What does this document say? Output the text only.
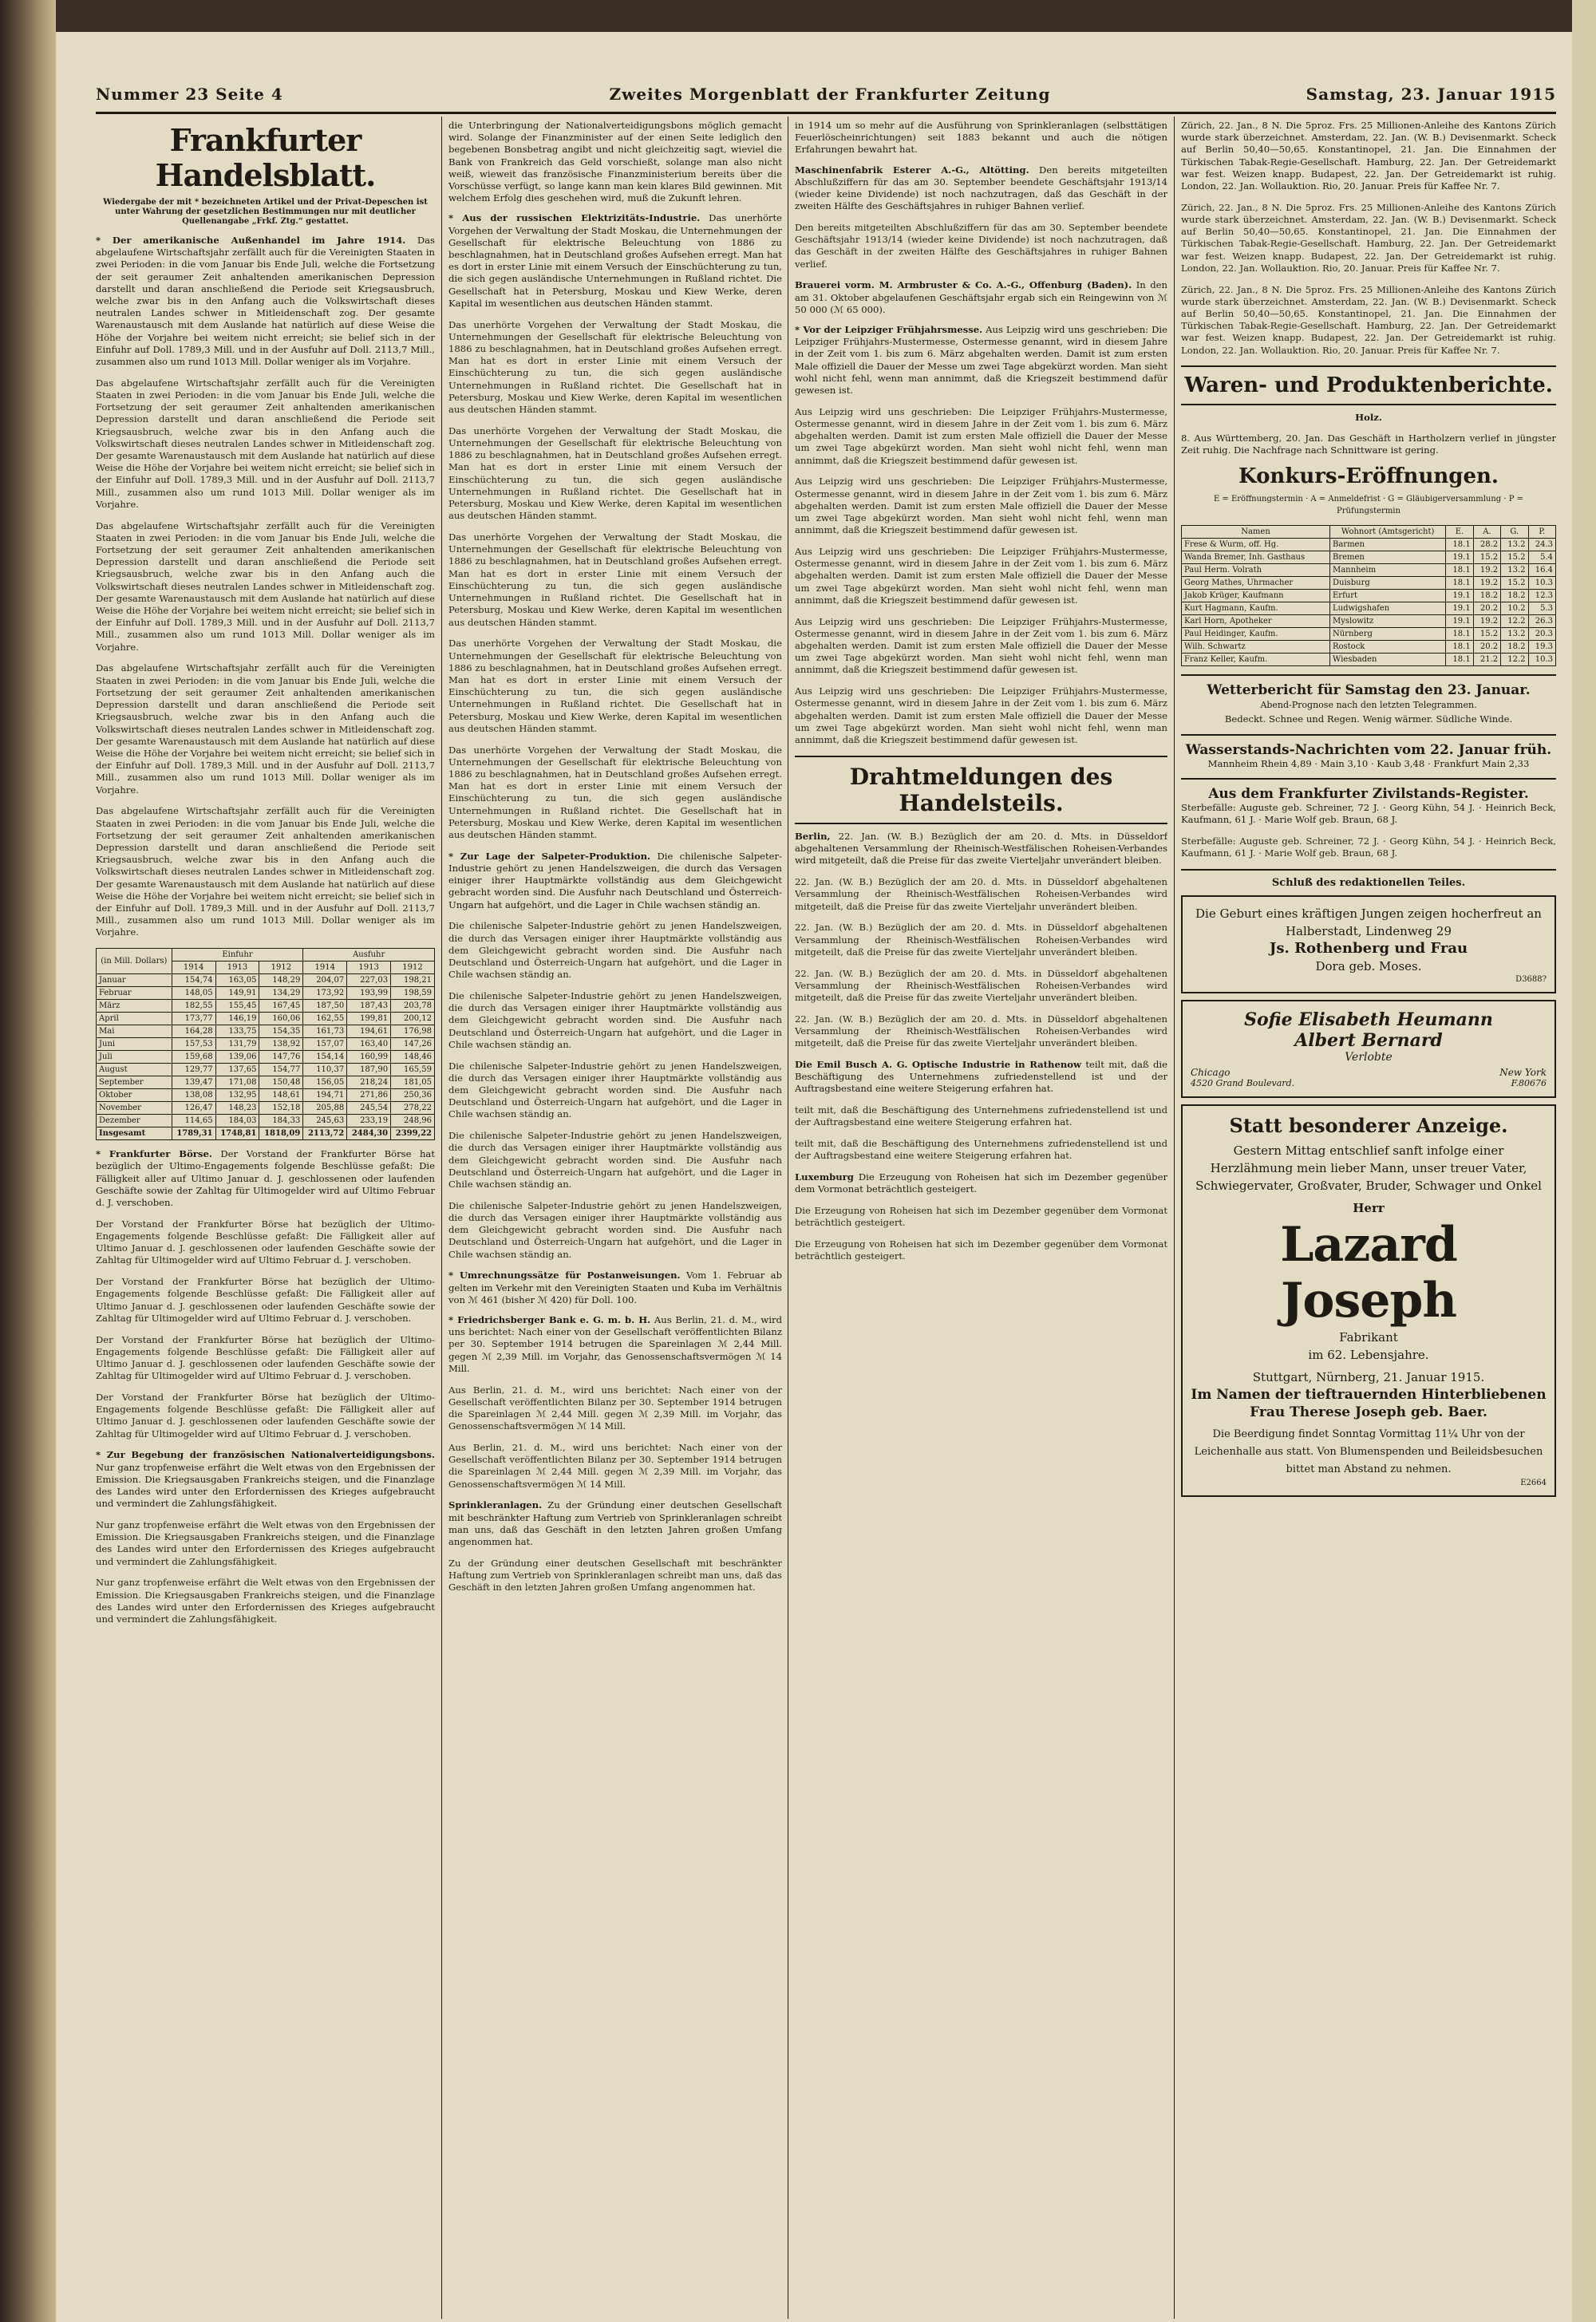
Nummer 23 Seite 4	Zweites Morgenblatt der Frankfurter Zeitung	Samstag, 23. Januar 1915
Frankfurter Handelsblatt.
Wiedergabe der mit * bezeichneten Artikel und der Privat-Depeschen ist unter Wahrung der gesetzlichen Bestimmungen nur mit deutlicher Quellenangabe „Frkf. Ztg.“ gestattet.

* Der amerikanische Außenhandel im Jahre 1914. Das abgelaufene Wirtschaftsjahr zerfällt auch für die Vereinigten Staaten in zwei Perioden: in die vom Januar bis Ende Juli, welche die Fortsetzung der seit geraumer Zeit anhaltenden amerikanischen Depression darstellt und daran anschließend die Periode seit Kriegsausbruch, welche zwar bis in den Anfang auch die Volkswirtschaft dieses neutralen Landes schwer in Mitleidenschaft zog. Der gesamte Warenaustausch mit dem Auslande hat natürlich auf diese Weise die Höhe der Vorjahre bei weitem nicht erreicht; sie belief sich in der Einfuhr auf Doll. 1789,3 Mill. und in der Ausfuhr auf Doll. 2113,7 Mill., zusammen also um rund 1013 Mill. Dollar weniger als im Vorjahre.

Das abgelaufene Wirtschaftsjahr zerfällt auch für die Vereinigten Staaten in zwei Perioden: in die vom Januar bis Ende Juli, welche die Fortsetzung der seit geraumer Zeit anhaltenden amerikanischen Depression darstellt und daran anschließend die Periode seit Kriegsausbruch, welche zwar bis in den Anfang auch die Volkswirtschaft dieses neutralen Landes schwer in Mitleidenschaft zog. Der gesamte Warenaustausch mit dem Auslande hat natürlich auf diese Weise die Höhe der Vorjahre bei weitem nicht erreicht; sie belief sich in der Einfuhr auf Doll. 1789,3 Mill. und in der Ausfuhr auf Doll. 2113,7 Mill., zusammen also um rund 1013 Mill. Dollar weniger als im Vorjahre.

Das abgelaufene Wirtschaftsjahr zerfällt auch für die Vereinigten Staaten in zwei Perioden: in die vom Januar bis Ende Juli, welche die Fortsetzung der seit geraumer Zeit anhaltenden amerikanischen Depression darstellt und daran anschließend die Periode seit Kriegsausbruch, welche zwar bis in den Anfang auch die Volkswirtschaft dieses neutralen Landes schwer in Mitleidenschaft zog. Der gesamte Warenaustausch mit dem Auslande hat natürlich auf diese Weise die Höhe der Vorjahre bei weitem nicht erreicht; sie belief sich in der Einfuhr auf Doll. 1789,3 Mill. und in der Ausfuhr auf Doll. 2113,7 Mill., zusammen also um rund 1013 Mill. Dollar weniger als im Vorjahre.

Das abgelaufene Wirtschaftsjahr zerfällt auch für die Vereinigten Staaten in zwei Perioden: in die vom Januar bis Ende Juli, welche die Fortsetzung der seit geraumer Zeit anhaltenden amerikanischen Depression darstellt und daran anschließend die Periode seit Kriegsausbruch, welche zwar bis in den Anfang auch die Volkswirtschaft dieses neutralen Landes schwer in Mitleidenschaft zog. Der gesamte Warenaustausch mit dem Auslande hat natürlich auf diese Weise die Höhe der Vorjahre bei weitem nicht erreicht; sie belief sich in der Einfuhr auf Doll. 1789,3 Mill. und in der Ausfuhr auf Doll. 2113,7 Mill., zusammen also um rund 1013 Mill. Dollar weniger als im Vorjahre.

Das abgelaufene Wirtschaftsjahr zerfällt auch für die Vereinigten Staaten in zwei Perioden: in die vom Januar bis Ende Juli, welche die Fortsetzung der seit geraumer Zeit anhaltenden amerikanischen Depression darstellt und daran anschließend die Periode seit Kriegsausbruch, welche zwar bis in den Anfang auch die Volkswirtschaft dieses neutralen Landes schwer in Mitleidenschaft zog. Der gesamte Warenaustausch mit dem Auslande hat natürlich auf diese Weise die Höhe der Vorjahre bei weitem nicht erreicht; sie belief sich in der Einfuhr auf Doll. 1789,3 Mill. und in der Ausfuhr auf Doll. 2113,7 Mill., zusammen also um rund 1013 Mill. Dollar weniger als im Vorjahre.

(in Mill. Dollars)	Einfuhr			Ausfuhr		
	1914	1913	1912	1914	1913	1912
Januar	154,74	163,05	148,29	204,07	227,03	198,21
Februar	148,05	149,91	134,29	173,92	193,99	198,59
März	182,55	155,45	167,45	187,50	187,43	203,78
April	173,77	146,19	160,06	162,55	199,81	200,12
Mai	164,28	133,75	154,35	161,73	194,61	176,98
Juni	157,53	131,79	138,92	157,07	163,40	147,26
Juli	159,68	139,06	147,76	154,14	160,99	148,46
August	129,77	137,65	154,77	110,37	187,90	165,59
September	139,47	171,08	150,48	156,05	218,24	181,05
Oktober	138,08	132,95	148,61	194,71	271,86	250,36
November	126,47	148,23	152,18	205,88	245,54	278,22
Dezember	114,65	184,03	184,33	245,63	233,19	248,96
Insgesamt	1789,31	1748,81	1818,09	2113,72	2484,30	2399,22

* Frankfurter Börse. Der Vorstand der Frankfurter Börse hat bezüglich der Ultimo-Engagements folgende Beschlüsse gefaßt: Die Fälligkeit aller auf Ultimo Januar d. J. geschlossenen oder laufenden Geschäfte sowie der Zahltag für Ultimogelder wird auf Ultimo Februar d. J. verschoben.

Der Vorstand der Frankfurter Börse hat bezüglich der Ultimo-Engagements folgende Beschlüsse gefaßt: Die Fälligkeit aller auf Ultimo Januar d. J. geschlossenen oder laufenden Geschäfte sowie der Zahltag für Ultimogelder wird auf Ultimo Februar d. J. verschoben.

Der Vorstand der Frankfurter Börse hat bezüglich der Ultimo-Engagements folgende Beschlüsse gefaßt: Die Fälligkeit aller auf Ultimo Januar d. J. geschlossenen oder laufenden Geschäfte sowie der Zahltag für Ultimogelder wird auf Ultimo Februar d. J. verschoben.

Der Vorstand der Frankfurter Börse hat bezüglich der Ultimo-Engagements folgende Beschlüsse gefaßt: Die Fälligkeit aller auf Ultimo Januar d. J. geschlossenen oder laufenden Geschäfte sowie der Zahltag für Ultimogelder wird auf Ultimo Februar d. J. verschoben.

Der Vorstand der Frankfurter Börse hat bezüglich der Ultimo-Engagements folgende Beschlüsse gefaßt: Die Fälligkeit aller auf Ultimo Januar d. J. geschlossenen oder laufenden Geschäfte sowie der Zahltag für Ultimogelder wird auf Ultimo Februar d. J. verschoben.

* Zur Begebung der französischen Nationalverteidigungsbons. Nur ganz tropfenweise erfährt die Welt etwas von den Ergebnissen der Emission. Die Kriegsausgaben Frankreichs steigen, und die Finanzlage des Landes wird unter den Erfordernissen des Krieges aufgebraucht und vermindert die Zahlungsfähigkeit.

Nur ganz tropfenweise erfährt die Welt etwas von den Ergebnissen der Emission. Die Kriegsausgaben Frankreichs steigen, und die Finanzlage des Landes wird unter den Erfordernissen des Krieges aufgebraucht und vermindert die Zahlungsfähigkeit.

Nur ganz tropfenweise erfährt die Welt etwas von den Ergebnissen der Emission. Die Kriegsausgaben Frankreichs steigen, und die Finanzlage des Landes wird unter den Erfordernissen des Krieges aufgebraucht und vermindert die Zahlungsfähigkeit.

die Unterbringung der Nationalverteidigungsbons möglich gemacht wird. Solange der Finanzminister auf der einen Seite lediglich den begebenen Bonsbetrag angibt und nicht gleichzeitig sagt, wieviel die Bank von Frankreich das Geld vorschießt, solange man also nicht weiß, wieweit das französische Finanzministerium bereits über die Vorschüsse verfügt, so lange kann man kein klares Bild gewinnen. Mit welchem Erfolg dies geschehen wird, muß die Zukunft lehren.

* Aus der russischen Elektrizitäts-Industrie. Das unerhörte Vorgehen der Verwaltung der Stadt Moskau, die Unternehmungen der Gesellschaft für elektrische Beleuchtung von 1886 zu beschlagnahmen, hat in Deutschland großes Aufsehen erregt. Man hat es dort in erster Linie mit einem Versuch der Einschüchterung zu tun, die sich gegen ausländische Unternehmungen in Rußland richtet. Die Gesellschaft hat in Petersburg, Moskau und Kiew Werke, deren Kapital im wesentlichen aus deutschen Händen stammt.

Das unerhörte Vorgehen der Verwaltung der Stadt Moskau, die Unternehmungen der Gesellschaft für elektrische Beleuchtung von 1886 zu beschlagnahmen, hat in Deutschland großes Aufsehen erregt. Man hat es dort in erster Linie mit einem Versuch der Einschüchterung zu tun, die sich gegen ausländische Unternehmungen in Rußland richtet. Die Gesellschaft hat in Petersburg, Moskau und Kiew Werke, deren Kapital im wesentlichen aus deutschen Händen stammt.

Das unerhörte Vorgehen der Verwaltung der Stadt Moskau, die Unternehmungen der Gesellschaft für elektrische Beleuchtung von 1886 zu beschlagnahmen, hat in Deutschland großes Aufsehen erregt. Man hat es dort in erster Linie mit einem Versuch der Einschüchterung zu tun, die sich gegen ausländische Unternehmungen in Rußland richtet. Die Gesellschaft hat in Petersburg, Moskau und Kiew Werke, deren Kapital im wesentlichen aus deutschen Händen stammt.

Das unerhörte Vorgehen der Verwaltung der Stadt Moskau, die Unternehmungen der Gesellschaft für elektrische Beleuchtung von 1886 zu beschlagnahmen, hat in Deutschland großes Aufsehen erregt. Man hat es dort in erster Linie mit einem Versuch der Einschüchterung zu tun, die sich gegen ausländische Unternehmungen in Rußland richtet. Die Gesellschaft hat in Petersburg, Moskau und Kiew Werke, deren Kapital im wesentlichen aus deutschen Händen stammt.

Das unerhörte Vorgehen der Verwaltung der Stadt Moskau, die Unternehmungen der Gesellschaft für elektrische Beleuchtung von 1886 zu beschlagnahmen, hat in Deutschland großes Aufsehen erregt. Man hat es dort in erster Linie mit einem Versuch der Einschüchterung zu tun, die sich gegen ausländische Unternehmungen in Rußland richtet. Die Gesellschaft hat in Petersburg, Moskau und Kiew Werke, deren Kapital im wesentlichen aus deutschen Händen stammt.

Das unerhörte Vorgehen der Verwaltung der Stadt Moskau, die Unternehmungen der Gesellschaft für elektrische Beleuchtung von 1886 zu beschlagnahmen, hat in Deutschland großes Aufsehen erregt. Man hat es dort in erster Linie mit einem Versuch der Einschüchterung zu tun, die sich gegen ausländische Unternehmungen in Rußland richtet. Die Gesellschaft hat in Petersburg, Moskau und Kiew Werke, deren Kapital im wesentlichen aus deutschen Händen stammt.

* Zur Lage der Salpeter-Produktion. Die chilenische Salpeter-Industrie gehört zu jenen Handelszweigen, die durch das Versagen einiger ihrer Hauptmärkte vollständig aus dem Gleichgewicht gebracht worden sind. Die Ausfuhr nach Deutschland und Österreich-Ungarn hat aufgehört, und die Lager in Chile wachsen ständig an.

Die chilenische Salpeter-Industrie gehört zu jenen Handelszweigen, die durch das Versagen einiger ihrer Hauptmärkte vollständig aus dem Gleichgewicht gebracht worden sind. Die Ausfuhr nach Deutschland und Österreich-Ungarn hat aufgehört, und die Lager in Chile wachsen ständig an.

Die chilenische Salpeter-Industrie gehört zu jenen Handelszweigen, die durch das Versagen einiger ihrer Hauptmärkte vollständig aus dem Gleichgewicht gebracht worden sind. Die Ausfuhr nach Deutschland und Österreich-Ungarn hat aufgehört, und die Lager in Chile wachsen ständig an.

Die chilenische Salpeter-Industrie gehört zu jenen Handelszweigen, die durch das Versagen einiger ihrer Hauptmärkte vollständig aus dem Gleichgewicht gebracht worden sind. Die Ausfuhr nach Deutschland und Österreich-Ungarn hat aufgehört, und die Lager in Chile wachsen ständig an.

Die chilenische Salpeter-Industrie gehört zu jenen Handelszweigen, die durch das Versagen einiger ihrer Hauptmärkte vollständig aus dem Gleichgewicht gebracht worden sind. Die Ausfuhr nach Deutschland und Österreich-Ungarn hat aufgehört, und die Lager in Chile wachsen ständig an.

Die chilenische Salpeter-Industrie gehört zu jenen Handelszweigen, die durch das Versagen einiger ihrer Hauptmärkte vollständig aus dem Gleichgewicht gebracht worden sind. Die Ausfuhr nach Deutschland und Österreich-Ungarn hat aufgehört, und die Lager in Chile wachsen ständig an.

* Umrechnungssätze für Postanweisungen. Vom 1. Februar ab gelten im Verkehr mit den Vereinigten Staaten und Kuba im Verhältnis von ℳ 461 (bisher ℳ 420) für Doll. 100.

* Friedrichsberger Bank e. G. m. b. H. Aus Berlin, 21. d. M., wird uns berichtet: Nach einer von der Gesellschaft veröffentlichten Bilanz per 30. September 1914 betrugen die Spareinlagen ℳ 2,44 Mill. gegen ℳ 2,39 Mill. im Vorjahr, das Genossenschaftsvermögen ℳ 14 Mill.

Aus Berlin, 21. d. M., wird uns berichtet: Nach einer von der Gesellschaft veröffentlichten Bilanz per 30. September 1914 betrugen die Spareinlagen ℳ 2,44 Mill. gegen ℳ 2,39 Mill. im Vorjahr, das Genossenschaftsvermögen ℳ 14 Mill.

Aus Berlin, 21. d. M., wird uns berichtet: Nach einer von der Gesellschaft veröffentlichten Bilanz per 30. September 1914 betrugen die Spareinlagen ℳ 2,44 Mill. gegen ℳ 2,39 Mill. im Vorjahr, das Genossenschaftsvermögen ℳ 14 Mill.

Sprinkleranlagen. Zu der Gründung einer deutschen Gesellschaft mit beschränkter Haftung zum Vertrieb von Sprinkleranlagen schreibt man uns, daß das Geschäft in den letzten Jahren großen Umfang angenommen hat.

Zu der Gründung einer deutschen Gesellschaft mit beschränkter Haftung zum Vertrieb von Sprinkleranlagen schreibt man uns, daß das Geschäft in den letzten Jahren großen Umfang angenommen hat.

in 1914 um so mehr auf die Ausführung von Sprinkleranlagen (selbsttätigen Feuerlöscheinrichtungen) seit 1883 bekannt und auch die nötigen Erfahrungen bewahrt hat.

Maschinenfabrik Esterer A.-G., Altötting. Den bereits mitgeteilten Abschlußziffern für das am 30. September beendete Geschäftsjahr 1913/14 (wieder keine Dividende) ist noch nachzutragen, daß das Geschäft in der zweiten Hälfte des Geschäftsjahres in ruhiger Bahnen verlief.

Den bereits mitgeteilten Abschlußziffern für das am 30. September beendete Geschäftsjahr 1913/14 (wieder keine Dividende) ist noch nachzutragen, daß das Geschäft in der zweiten Hälfte des Geschäftsjahres in ruhiger Bahnen verlief.

Brauerei vorm. M. Armbruster & Co. A.-G., Offenburg (Baden). In den am 31. Oktober abgelaufenen Geschäftsjahr ergab sich ein Reingewinn von ℳ 50 000 (ℳ 65 000).

* Vor der Leipziger Frühjahrsmesse. Aus Leipzig wird uns geschrieben: Die Leipziger Frühjahrs-Mustermesse, Ostermesse genannt, wird in diesem Jahre in der Zeit vom 1. bis zum 6. März abgehalten werden. Damit ist zum ersten Male offiziell die Dauer der Messe um zwei Tage abgekürzt worden. Man sieht wohl nicht fehl, wenn man annimmt, daß die Kriegszeit bestimmend dafür gewesen ist.

Aus Leipzig wird uns geschrieben: Die Leipziger Frühjahrs-Mustermesse, Ostermesse genannt, wird in diesem Jahre in der Zeit vom 1. bis zum 6. März abgehalten werden. Damit ist zum ersten Male offiziell die Dauer der Messe um zwei Tage abgekürzt worden. Man sieht wohl nicht fehl, wenn man annimmt, daß die Kriegszeit bestimmend dafür gewesen ist.

Aus Leipzig wird uns geschrieben: Die Leipziger Frühjahrs-Mustermesse, Ostermesse genannt, wird in diesem Jahre in der Zeit vom 1. bis zum 6. März abgehalten werden. Damit ist zum ersten Male offiziell die Dauer der Messe um zwei Tage abgekürzt worden. Man sieht wohl nicht fehl, wenn man annimmt, daß die Kriegszeit bestimmend dafür gewesen ist.

Aus Leipzig wird uns geschrieben: Die Leipziger Frühjahrs-Mustermesse, Ostermesse genannt, wird in diesem Jahre in der Zeit vom 1. bis zum 6. März abgehalten werden. Damit ist zum ersten Male offiziell die Dauer der Messe um zwei Tage abgekürzt worden. Man sieht wohl nicht fehl, wenn man annimmt, daß die Kriegszeit bestimmend dafür gewesen ist.

Aus Leipzig wird uns geschrieben: Die Leipziger Frühjahrs-Mustermesse, Ostermesse genannt, wird in diesem Jahre in der Zeit vom 1. bis zum 6. März abgehalten werden. Damit ist zum ersten Male offiziell die Dauer der Messe um zwei Tage abgekürzt worden. Man sieht wohl nicht fehl, wenn man annimmt, daß die Kriegszeit bestimmend dafür gewesen ist.

Aus Leipzig wird uns geschrieben: Die Leipziger Frühjahrs-Mustermesse, Ostermesse genannt, wird in diesem Jahre in der Zeit vom 1. bis zum 6. März abgehalten werden. Damit ist zum ersten Male offiziell die Dauer der Messe um zwei Tage abgekürzt worden. Man sieht wohl nicht fehl, wenn man annimmt, daß die Kriegszeit bestimmend dafür gewesen ist.

Drahtmeldungen des Handelsteils.

Berlin, 22. Jan. (W. B.) Bezüglich der am 20. d. Mts. in Düsseldorf abgehaltenen Versammlung der Rheinisch-Westfälischen Roheisen-Verbandes wird mitgeteilt, daß die Preise für das zweite Vierteljahr unverändert bleiben.

22. Jan. (W. B.) Bezüglich der am 20. d. Mts. in Düsseldorf abgehaltenen Versammlung der Rheinisch-Westfälischen Roheisen-Verbandes wird mitgeteilt, daß die Preise für das zweite Vierteljahr unverändert bleiben.

22. Jan. (W. B.) Bezüglich der am 20. d. Mts. in Düsseldorf abgehaltenen Versammlung der Rheinisch-Westfälischen Roheisen-Verbandes wird mitgeteilt, daß die Preise für das zweite Vierteljahr unverändert bleiben.

22. Jan. (W. B.) Bezüglich der am 20. d. Mts. in Düsseldorf abgehaltenen Versammlung der Rheinisch-Westfälischen Roheisen-Verbandes wird mitgeteilt, daß die Preise für das zweite Vierteljahr unverändert bleiben.

22. Jan. (W. B.) Bezüglich der am 20. d. Mts. in Düsseldorf abgehaltenen Versammlung der Rheinisch-Westfälischen Roheisen-Verbandes wird mitgeteilt, daß die Preise für das zweite Vierteljahr unverändert bleiben.

Die Emil Busch A. G. Optische Industrie in Rathenow teilt mit, daß die Beschäftigung des Unternehmens zufriedenstellend ist und der Auftragsbestand eine weitere Steigerung erfahren hat.

teilt mit, daß die Beschäftigung des Unternehmens zufriedenstellend ist und der Auftragsbestand eine weitere Steigerung erfahren hat.

teilt mit, daß die Beschäftigung des Unternehmens zufriedenstellend ist und der Auftragsbestand eine weitere Steigerung erfahren hat.

Luxemburg Die Erzeugung von Roheisen hat sich im Dezember gegenüber dem Vormonat beträchtlich gesteigert.

Die Erzeugung von Roheisen hat sich im Dezember gegenüber dem Vormonat beträchtlich gesteigert.

Die Erzeugung von Roheisen hat sich im Dezember gegenüber dem Vormonat beträchtlich gesteigert.

Zürich, 22. Jan., 8 N. Die 5proz. Frs. 25 Millionen-Anleihe des Kantons Zürich wurde stark überzeichnet. Amsterdam, 22. Jan. (W. B.) Devisenmarkt. Scheck auf Berlin 50,40—50,65. Konstantinopel, 21. Jan. Die Einnahmen der Türkischen Tabak-Regie-Gesellschaft. Hamburg, 22. Jan. Der Getreidemarkt war fest. Weizen knapp. Budapest, 22. Jan. Der Getreidemarkt ist ruhig. London, 22. Jan. Wollauktion. Rio, 20. Januar. Preis für Kaffee Nr. 7.

Zürich, 22. Jan., 8 N. Die 5proz. Frs. 25 Millionen-Anleihe des Kantons Zürich wurde stark überzeichnet. Amsterdam, 22. Jan. (W. B.) Devisenmarkt. Scheck auf Berlin 50,40—50,65. Konstantinopel, 21. Jan. Die Einnahmen der Türkischen Tabak-Regie-Gesellschaft. Hamburg, 22. Jan. Der Getreidemarkt war fest. Weizen knapp. Budapest, 22. Jan. Der Getreidemarkt ist ruhig. London, 22. Jan. Wollauktion. Rio, 20. Januar. Preis für Kaffee Nr. 7.

Zürich, 22. Jan., 8 N. Die 5proz. Frs. 25 Millionen-Anleihe des Kantons Zürich wurde stark überzeichnet. Amsterdam, 22. Jan. (W. B.) Devisenmarkt. Scheck auf Berlin 50,40—50,65. Konstantinopel, 21. Jan. Die Einnahmen der Türkischen Tabak-Regie-Gesellschaft. Hamburg, 22. Jan. Der Getreidemarkt war fest. Weizen knapp. Budapest, 22. Jan. Der Getreidemarkt ist ruhig. London, 22. Jan. Wollauktion. Rio, 20. Januar. Preis für Kaffee Nr. 7.

Waren- und Produktenberichte.

Holz.

8. Aus Württemberg, 20. Jan. Das Geschäft in Hartholzern verlief in jüngster Zeit ruhig. Die Nachfrage nach Schnittware ist gering.

Konkurs-Eröffnungen.

E = Eröffnungstermin · A = Anmeldefrist · G = Gläubigerversammlung · P = Prüfungstermin

Namen	Wohnort (Amtsgericht)	E.	A.	G.	P.
Frese & Wurm, off. Hg.	Barmen	18.1	28.2	13.2	24.3
Wanda Bremer, Inh. Gasthaus	Bremen	19.1	15.2	15.2	5.4
Paul Herm. Volrath	Mannheim	18.1	19.2	13.2	16.4
Georg Mathes, Uhrmacher	Duisburg	18.1	19.2	15.2	10.3
Jakob Krüger, Kaufmann	Erfurt	19.1	18.2	18.2	12.3
Kurt Hagmann, Kaufm.	Ludwigshafen	19.1	20.2	10.2	5.3
Karl Horn, Apotheker	Myslowitz	19.1	19.2	12.2	26.3
Paul Heidinger, Kaufm.	Nürnberg	18.1	15.2	13.2	20.3
Wilh. Schwartz	Rostock	18.1	20.2	18.2	19.3
Franz Keller, Kaufm.	Wiesbaden	18.1	21.2	12.2	10.3
Wetterbericht für Samstag den 23. Januar.
Abend-Prognose nach den letzten Telegrammen.

Bedeckt. Schnee und Regen. Wenig wärmer. Südliche Winde.

Wasserstands-Nachrichten vom 22. Januar früh.

Mannheim Rhein 4,89 · Main 3,10 · Kaub 3,48 · Frankfurt Main 2,33

Aus dem Frankfurter Zivilstands-Register.

Sterbefälle: Auguste geb. Schreiner, 72 J. · Georg Kühn, 54 J. · Heinrich Beck, Kaufmann, 61 J. · Marie Wolf geb. Braun, 68 J.

Sterbefälle: Auguste geb. Schreiner, 72 J. · Georg Kühn, 54 J. · Heinrich Beck, Kaufmann, 61 J. · Marie Wolf geb. Braun, 68 J.

Schluß des redaktionellen Teiles.
Die Geburt eines kräftigen Jungen zeigen hocherfreut an
Halberstadt, Lindenweg 29
Js. Rothenberg und Frau
Dora geb. Moses.
D3688?
Sofie Elisabeth Heumann
Albert Bernard
Verlobte
Chicago	New York
4520 Grand Boulevard.	F.80676
Statt besonderer Anzeige.
Gestern Mittag entschlief sanft infolge einer Herzlähmung mein lieber Mann, unser treuer Vater, Schwiegervater, Großvater, Bruder, Schwager und Onkel
Herr
Lazard Joseph
Fabrikant
im 62. Lebensjahre.
Stuttgart, Nürnberg, 21. Januar 1915.
Im Namen der tieftrauernden Hinterbliebenen
Frau Therese Joseph geb. Baer.
Die Beerdigung findet Sonntag Vormittag 11¼ Uhr von der Leichenhalle aus statt. Von Blumenspenden und Beileidsbesuchen bittet man Abstand zu nehmen.
E2664
